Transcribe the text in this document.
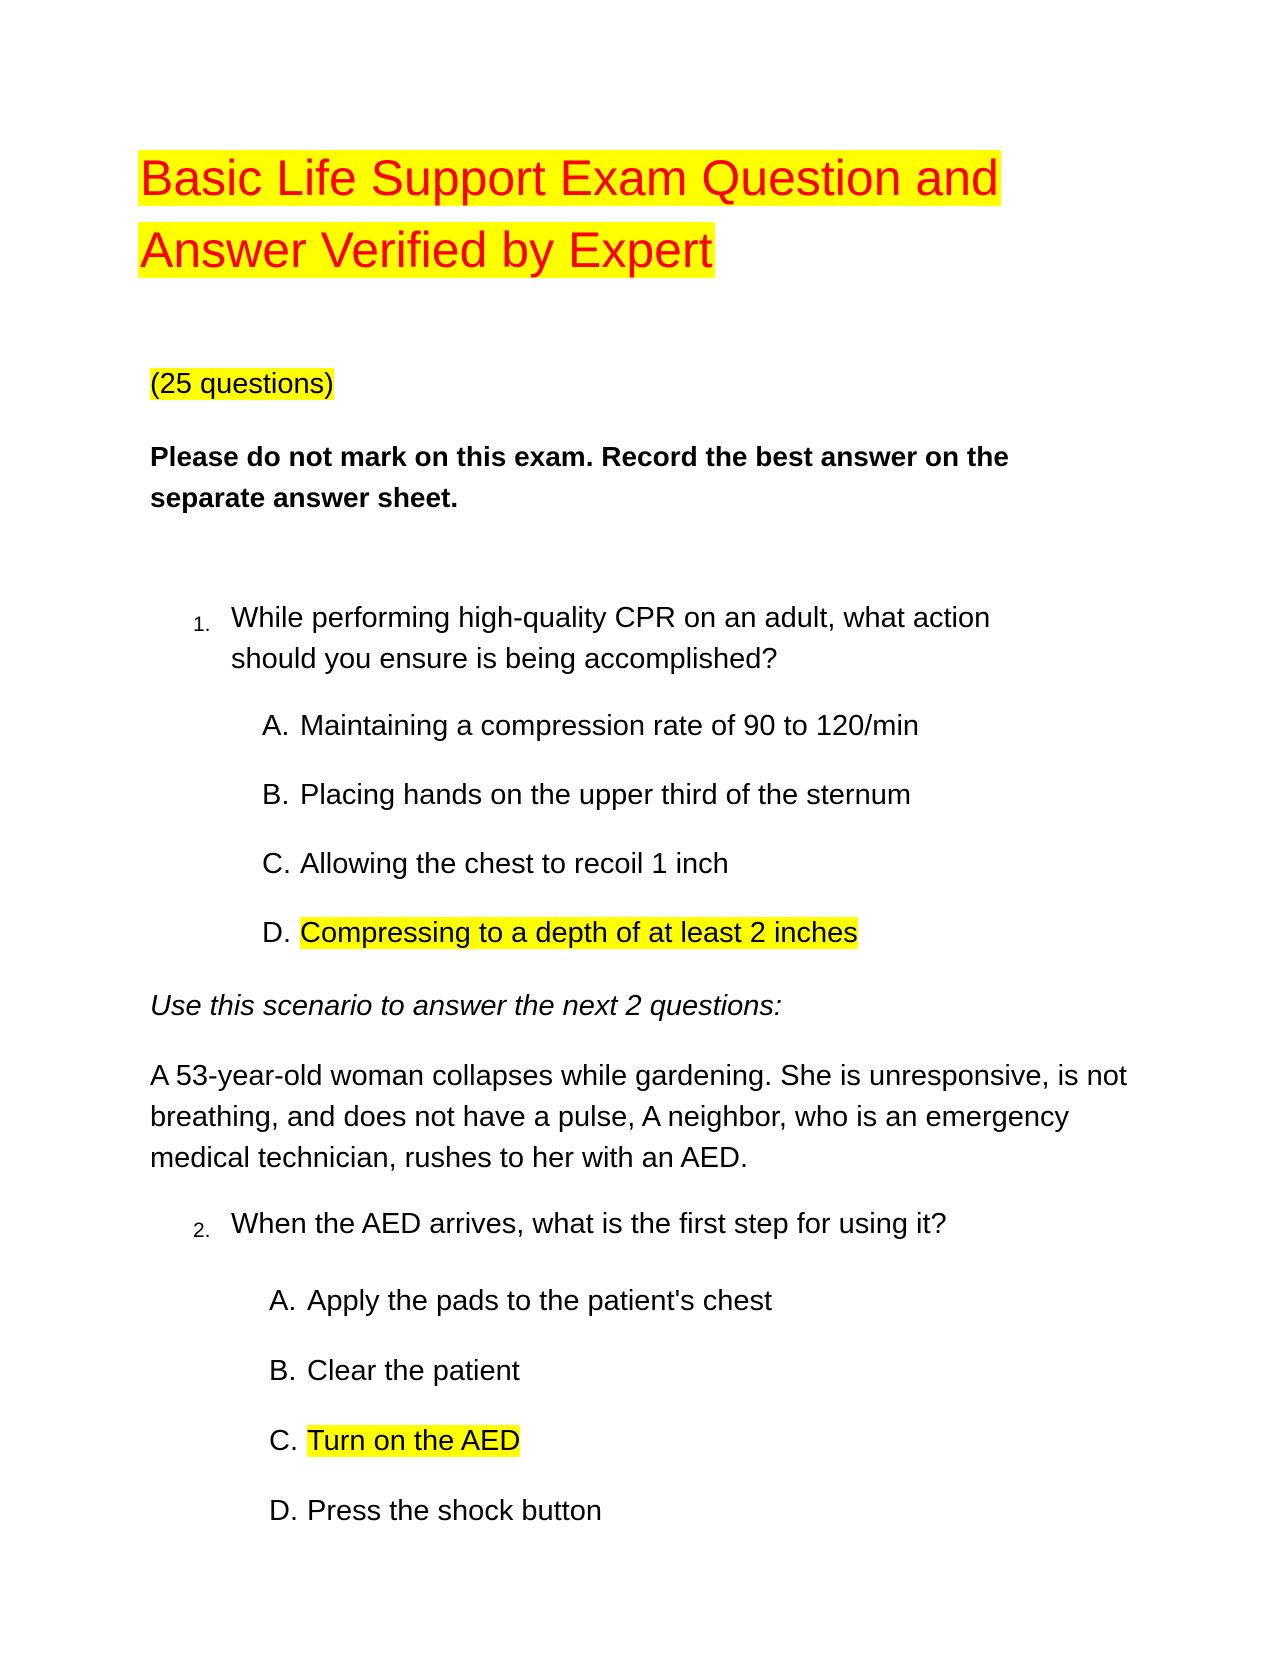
Basic Life Support Exam Question and
Answer Verified by Expert
(25 questions)
Please do not mark on this exam. Record the best answer on the separate answer sheet.
1. While performing high-quality CPR on an adult, what action should you ensure is being accomplished?
A. Maintaining a compression rate of 90 to 120/min
B. Placing hands on the upper third of the sternum
C. Allowing the chest to recoil 1 inch
D. Compressing to a depth of at least 2 inches
Use this scenario to answer the next 2 questions:
A 53-year-old woman collapses while gardening. She is unresponsive, is not breathing, and does not have a pulse, A neighbor, who is an emergency medical technician, rushes to her with an AED.
2. When the AED arrives, what is the first step for using it?
A. Apply the pads to the patient's chest
B. Clear the patient
C. Turn on the AED
D. Press the shock button
